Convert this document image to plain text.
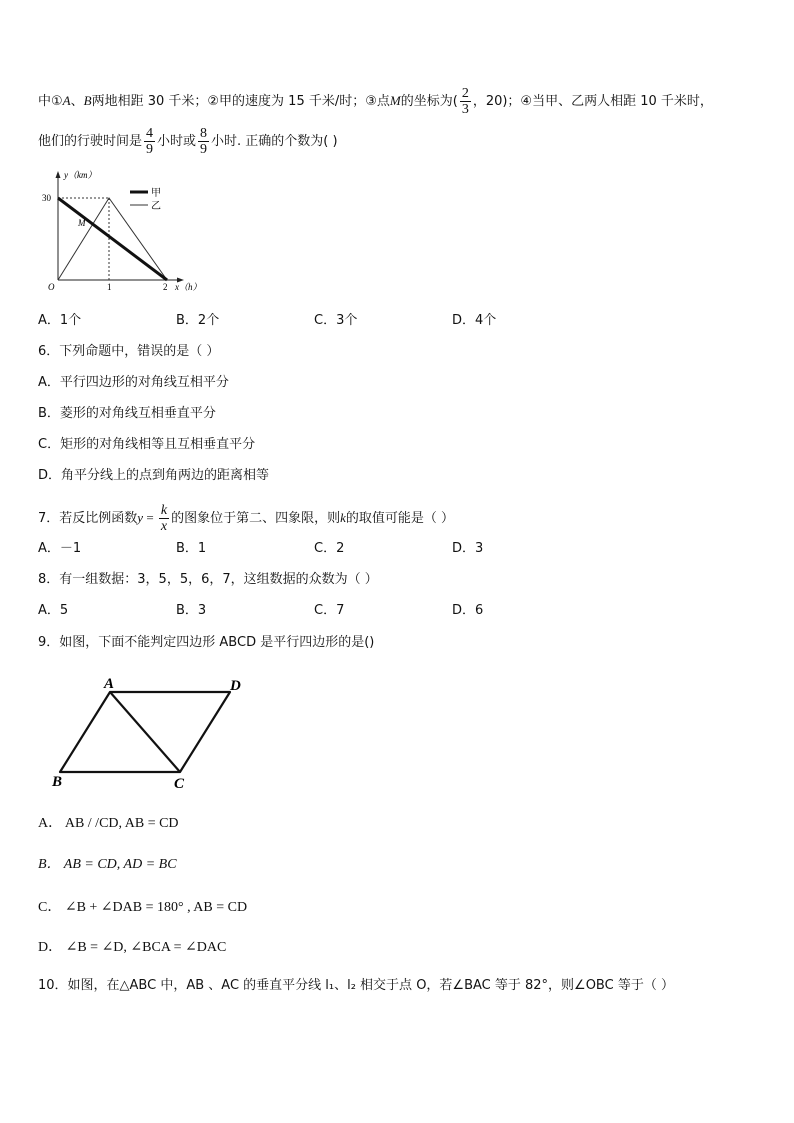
中①A、B两地相距 30 千米；②甲的速度为 15 千米/时；③点M的坐标为( $\frac{2}{3}$ ，20)；④当甲、乙两人相距 10 千米时，
他们的行驶时间是 $\frac{4}{9}$ 小时或 $\frac{8}{9}$ 小时. 正确的个数为( )
甲
乙
y（km）
30
M
O	1	2 x（h）
A．1个	B．2个	C．3个	D．4个
6．下列命题中，错误的是（ ）
A．平行四边形的对角线互相平分
B．菱形的对角线互相垂直平分
C．矩形的对角线相等且互相垂直平分
D．角平分线上的点到角两边的距离相等
7．若反比例函数$y = \frac{k}{x}$ 的图象位于第二、四象限，则k的取值可能是（ ）
A．－1	B．1	C．2	D．3
8．有一组数据：3，5，5，6，7，这组数据的众数为（ ）
A．5	B．3	C．7	D．6
9．如图，下面不能判定四边形 ABCD 是平行四边形的是()
A	D
B	C
A． AB / /CD, AB = CD
B． AB = CD, AD = BC
C． ∠B + ∠DAB = 180° , AB = CD
D． ∠B = ∠D, ∠BCA = ∠DAC
10．如图，在△ABC 中，AB 、AC 的垂直平分线 l₁、l₂ 相交于点 O，若∠BAC 等于 82°，则∠OBC 等于（ ）
